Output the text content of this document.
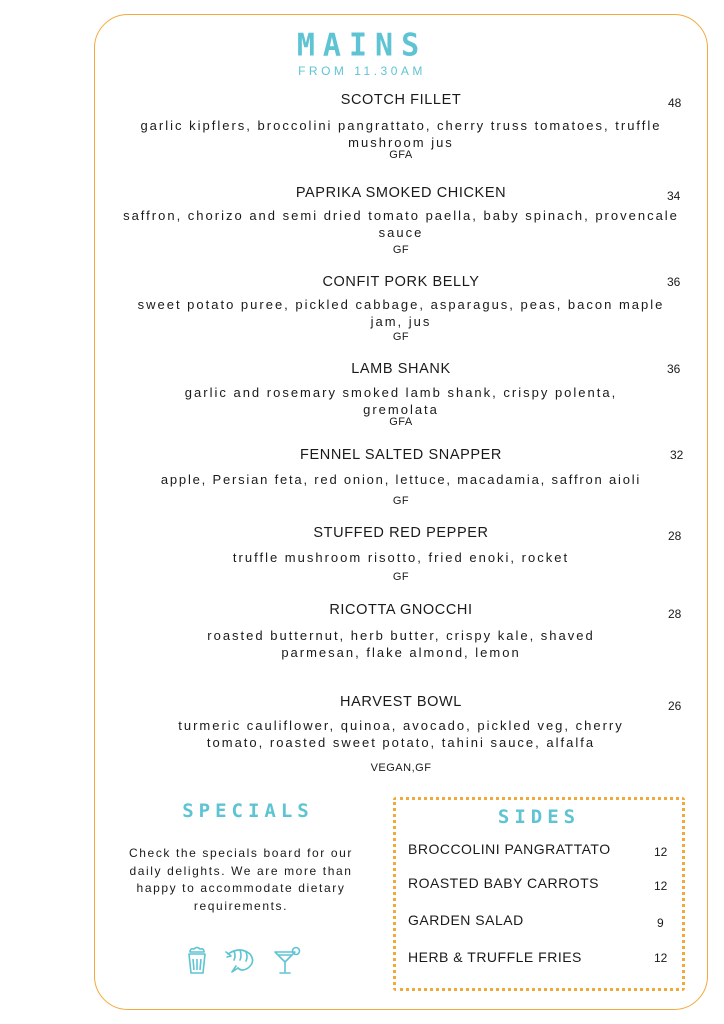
MAINS
FROM 11.30AM
SCOTCH FILLET	48
garlic kipflers, broccolini pangrattato, cherry truss tomatoes, truffle mushroom jus
GFA
PAPRIKA SMOKED CHICKEN	34
saffron, chorizo and semi dried tomato paella, baby spinach, provencale sauce
GF
CONFIT PORK BELLY	36
sweet potato puree, pickled cabbage, asparagus, peas, bacon maple jam, jus
GF
LAMB SHANK	36
garlic and rosemary smoked lamb shank, crispy polenta, gremolata
GFA
FENNEL SALTED SNAPPER	32
apple, Persian feta, red onion, lettuce, macadamia, saffron aioli
GF
STUFFED RED PEPPER	28
truffle mushroom risotto, fried enoki, rocket
GF
RICOTTA GNOCCHI	28
roasted butternut, herb butter, crispy kale, shaved parmesan, flake almond, lemon
HARVEST BOWL	26
turmeric cauliflower, quinoa, avocado, pickled veg, cherry tomato, roasted sweet potato, tahini sauce, alfalfa
VEGAN,GF
SPECIALS
Check the specials board for our daily delights. We are more than happy to accommodate dietary requirements.
SIDES
BROCCOLINI PANGRATTATO	12
ROASTED BABY CARROTS	12
GARDEN SALAD	9
HERB & TRUFFLE FRIES	12
